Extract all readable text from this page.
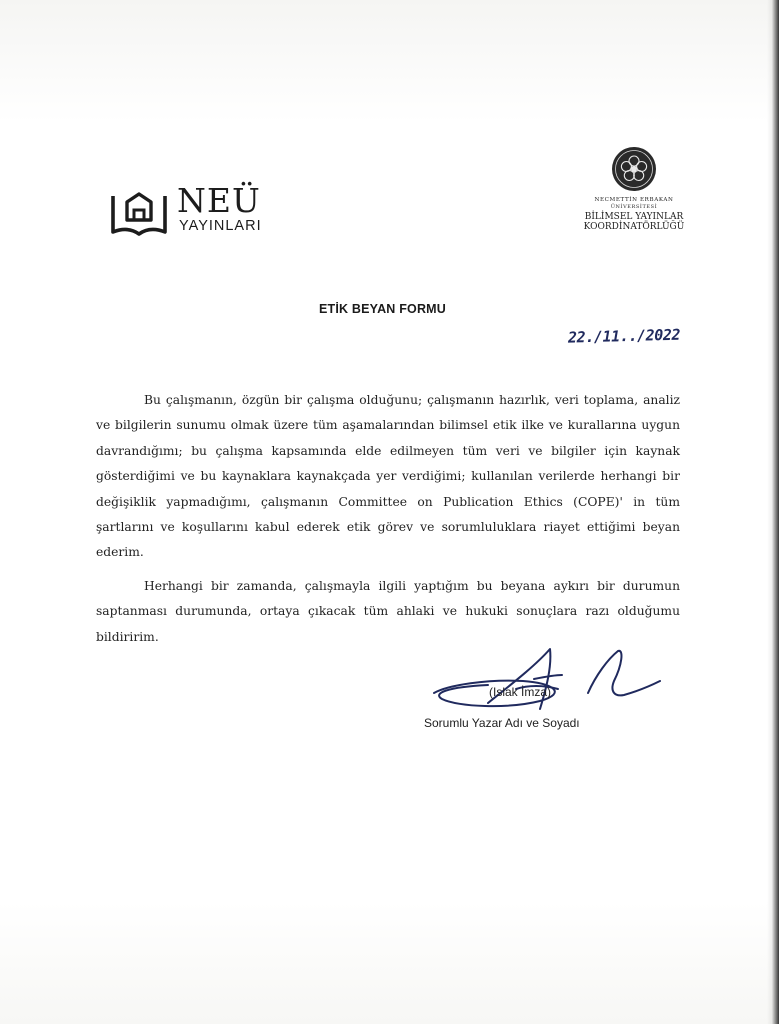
NEÜ
YAYINLARI
NECMETTİN ERBAKAN
ÜNİVERSİTESİ
BİLİMSEL YAYINLAR
KOORDİNATÖRLÜĞÜ
ETİK BEYAN FORMU
22./11../2022

Bu çalışmanın, özgün bir çalışma olduğunu; çalışmanın hazırlık, veri toplama, analiz ve bilgilerin sunumu olmak üzere tüm aşamalarından bilimsel etik ilke ve kurallarına uygun davrandığımı; bu çalışma kapsamında elde edilmeyen tüm veri ve bilgiler için kaynak gösterdiğimi ve bu kaynaklara kaynakçada yer verdiğimi; kullanılan verilerde herhangi bir değişiklik yapmadığımı, çalışmanın Committee on Publication Ethics (COPE)' in tüm şartlarını ve koşullarını kabul ederek etik görev ve sorumluluklara riayet ettiğimi beyan ederim.

Herhangi bir zamanda, çalışmayla ilgili yaptığım bu beyana aykırı bir durumun saptanması durumunda, ortaya çıkacak tüm ahlaki ve hukuki sonuçlara razı olduğumu bildiririm.

(Islak İmza)
Sorumlu Yazar Adı ve Soyadı
